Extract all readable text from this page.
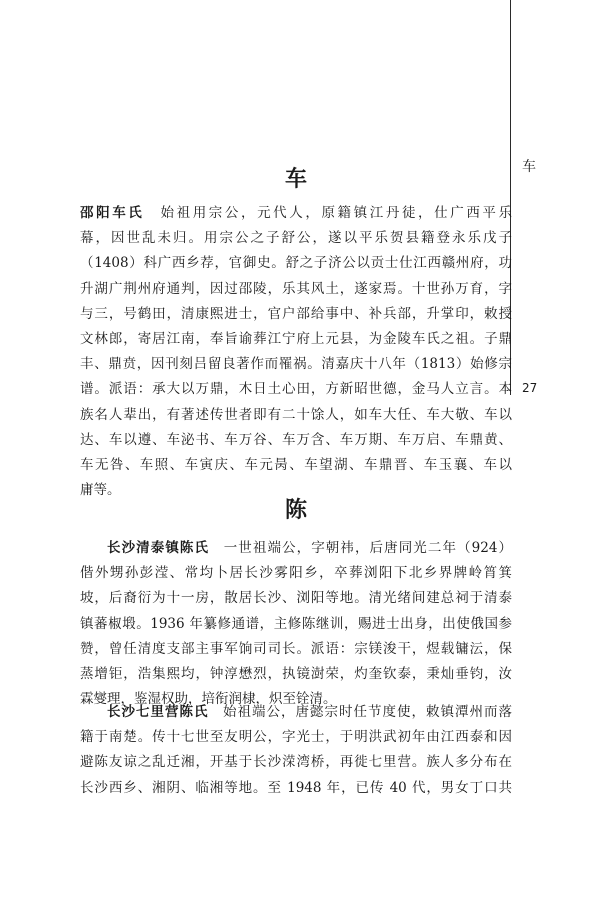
车
27
车
邵阳车氏　 始祖用宗公，元代人，原籍镇江丹徒，仕广西平乐
幕，因世乱未归。用宗公之子舒公，遂以平乐贺县籍登永乐戊子
（1408）科广西乡荐，官御史。舒之子济公以贡士仕江西赣州府，功
升湖广荆州府通判，因过邵陵，乐其风土，遂家焉。十世孙万育，字
与三，号鹤田，清康熙进士，官户部给事中、补兵部，升掌印，敕授
文林郎，寄居江南，奉旨谕葬江宁府上元县，为金陵车氏之祖。子鼎
丰、鼎贲，因刊刻吕留良著作而罹祸。清嘉庆十八年（1813）始修宗
谱。派语：承大以万鼎，木日土心田，方新昭世德，金马人立言。本
族名人辈出，有著述传世者即有二十馀人，如车大任、车大敬、车以
达、车以遵、车泌书、车万谷、车万含、车万期、车万启、车鼎黄、
车无咎、车照、车寅庆、车元昺、车望湖、车鼎晋、车玉襄、车以
庸等。
陈
长沙清泰镇陈氏　 一世祖端公，字朝祎，后唐同光二年（924）
偕外甥孙彭滢、常均卜居长沙雾阳乡，卒葬浏阳下北乡界牌岭筲箕
坡，后裔衍为十一房，散居长沙、浏阳等地。清光绪间建总祠于清泰
镇蕃椒塅。1936 年纂修通谱，主修陈继训，赐进士出身，出使俄国参
赞，曾任清度支部主事军饷司司长。派语：宗镁浚干，煜载镛沄，保
蒸增钜，浩集熙均，钟淳懋烈，执镜澍荣，灼奎钦泰，秉灿垂钧，汝
霖燮理，鉴湿权助，培衔润棣，炽至铨清。
长沙七里营陈氏　 始祖端公，唐懿宗时任节度使，敕镇潭州而落
籍于南楚。传十七世至友明公，字光士，于明洪武初年由江西泰和因
避陈友谅之乱迁湘，开基于长沙溁湾桥，再徙七里营。族人多分布在
长沙西乡、湘阴、临湘等地。至 1948 年，已传 40 代，男女丁口共
